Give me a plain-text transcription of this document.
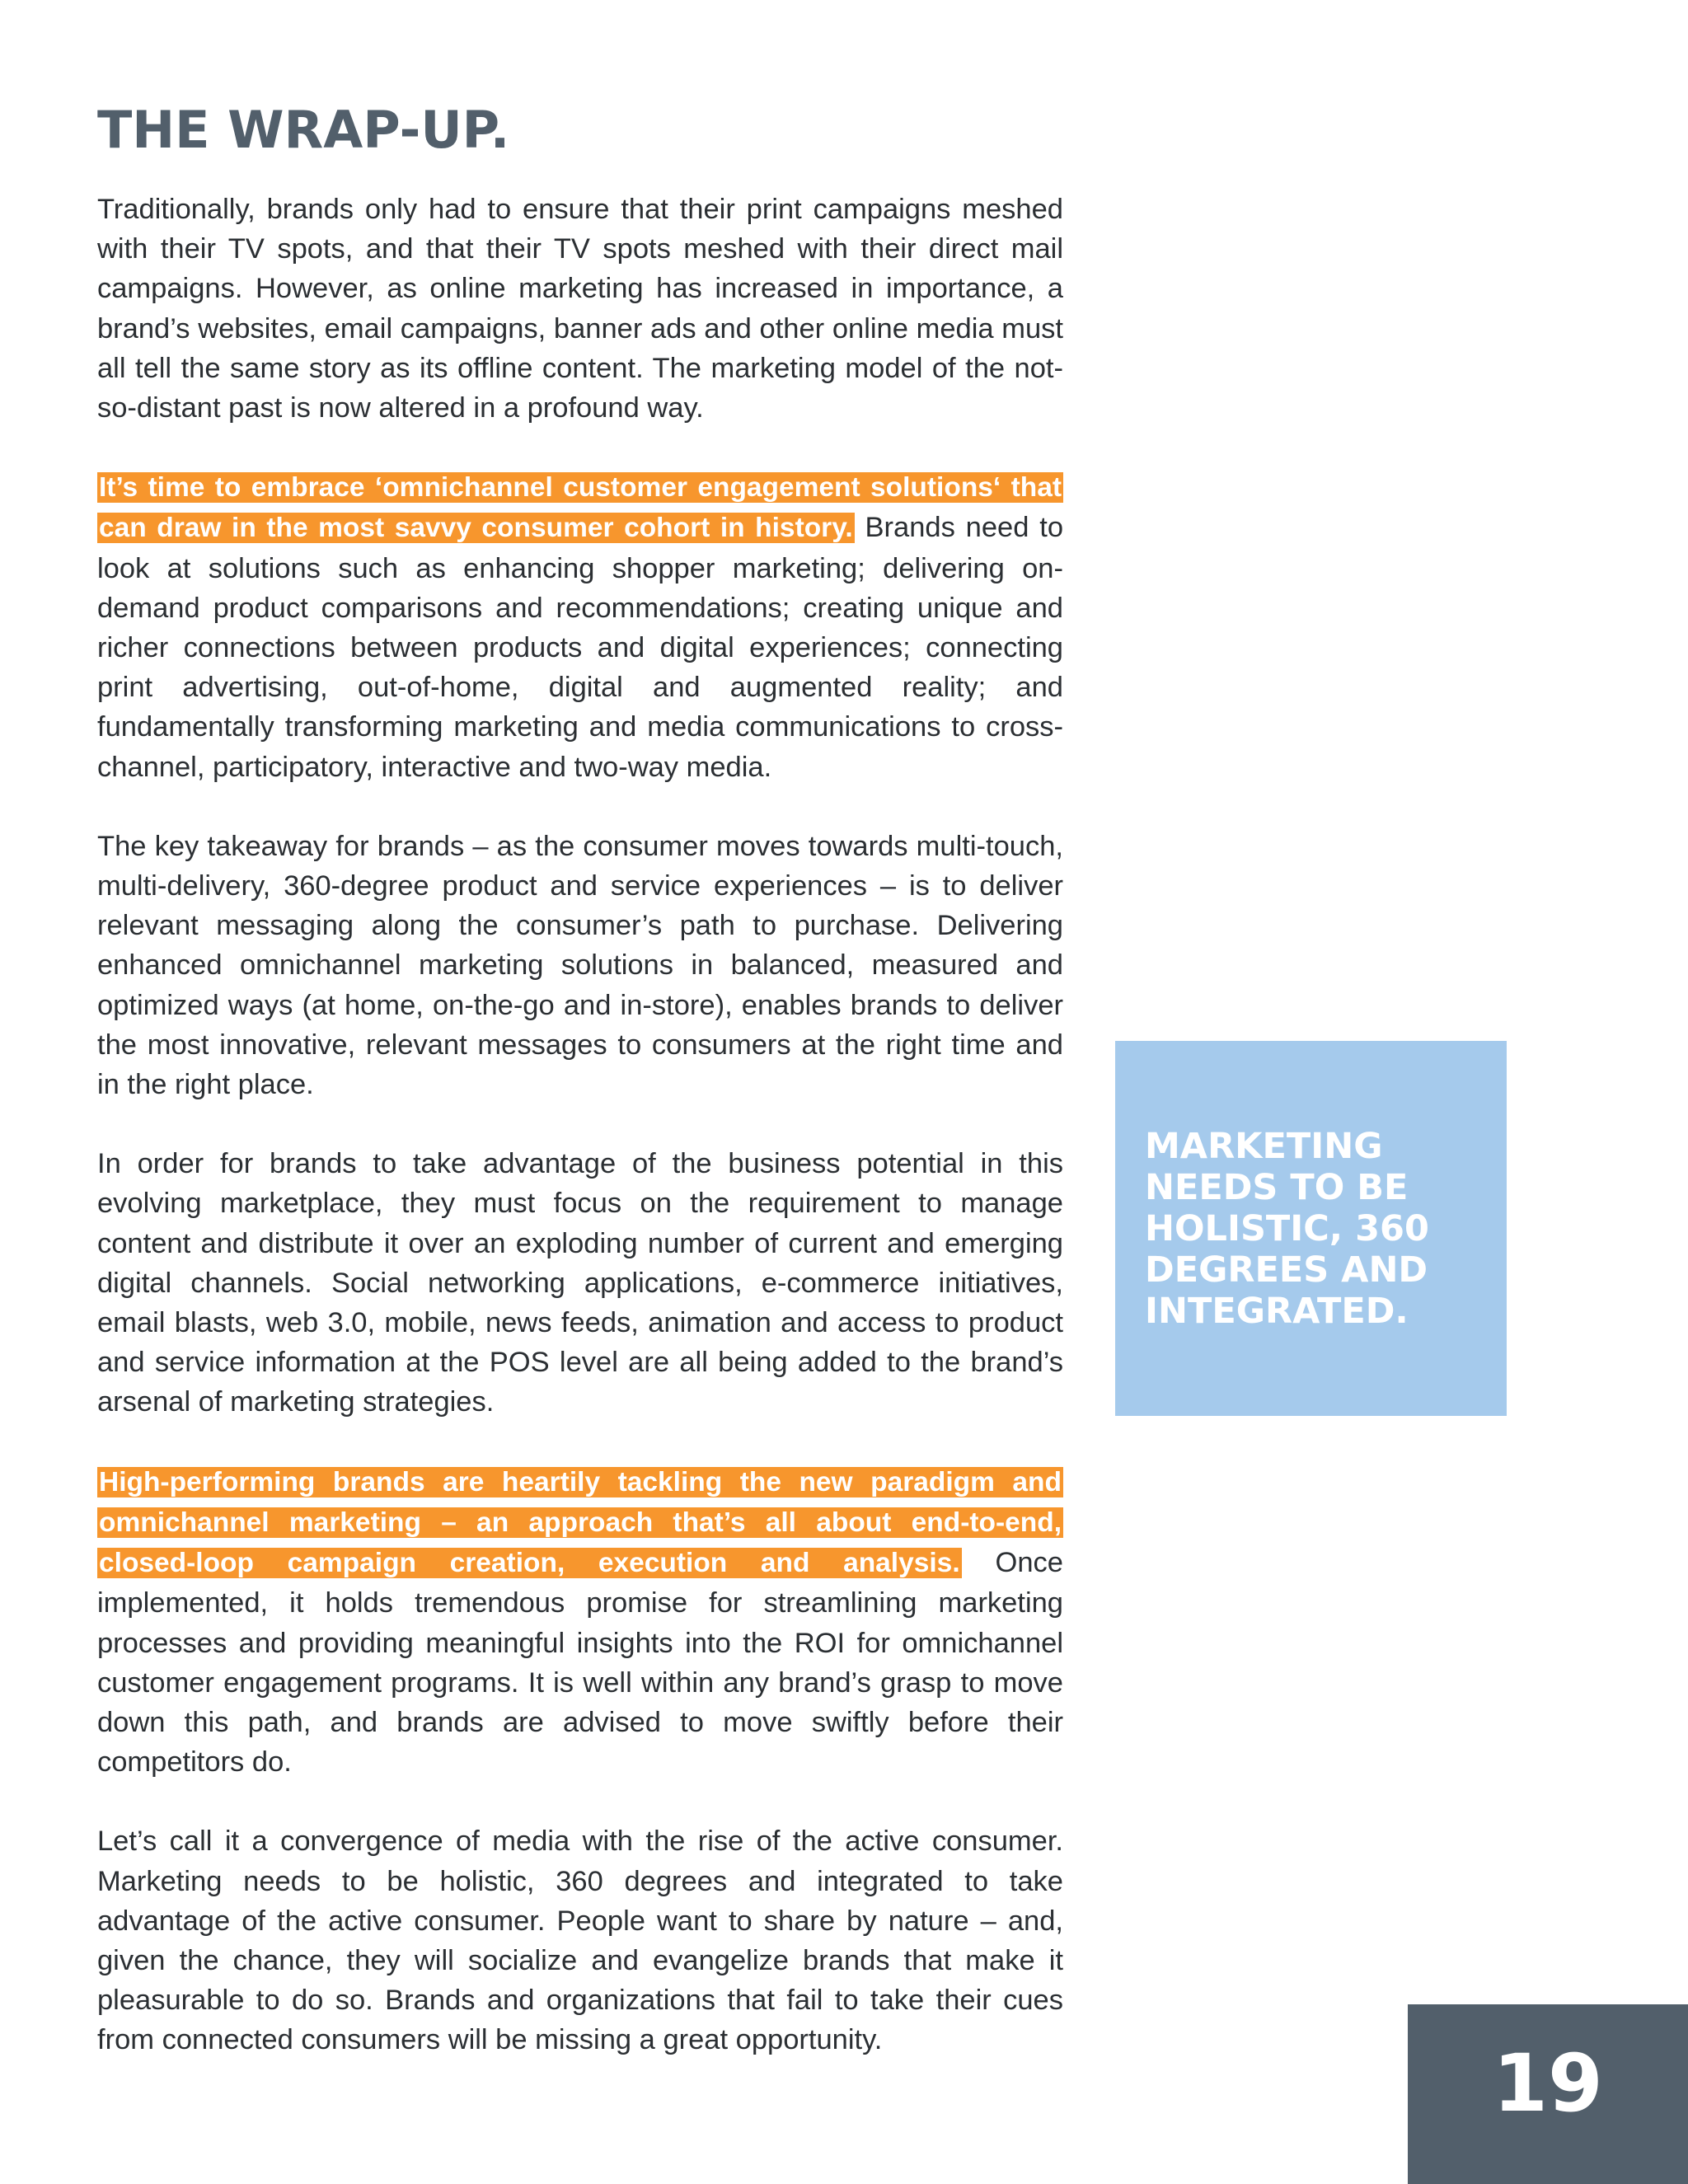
THE WRAP-UP.

Traditionally, brands only had to ensure that their print campaigns meshed with their TV spots, and that their TV spots meshed with their direct mail campaigns. However, as online marketing has increased in importance, a brand’s websites, email campaigns, banner ads and other online media must all tell the same story as its offline content. The marketing model of the not-so-distant past is now altered in a profound way.

It’s time to embrace ‘omnichannel customer engagement solutions‘ that can draw in the most savvy consumer cohort in history. Brands need to look at solutions such as enhancing shopper marketing; delivering on-demand product comparisons and recommendations; creating unique and richer connections between products and digital experiences; connecting print advertising, out-of-home, digital and augmented reality; and fundamentally transforming marketing and media communications to cross-channel, participatory, interactive and two-way media.

The key takeaway for brands – as the consumer moves towards multi-touch, multi-delivery, 360-degree product and service experiences – is to deliver relevant messaging along the consumer’s path to purchase. Delivering enhanced omnichannel marketing solutions in balanced, measured and optimized ways (at home, on-the-go and in-store), enables brands to deliver the most innovative, relevant messages to consumers at the right time and in the right place.

In order for brands to take advantage of the business potential in this evolving marketplace, they must focus on the requirement to manage content and distribute it over an exploding number of current and emerging digital channels. Social networking applications, e-commerce initiatives, email blasts, web 3.0, mobile, news feeds, animation and access to product and service information at the POS level are all being added to the brand’s arsenal of marketing strategies.

High-performing brands are heartily tackling the new paradigm and omnichannel marketing – an approach that’s all about end-to-end, closed-loop campaign creation, execution and analysis. Once implemented, it holds tremendous promise for streamlining marketing processes and providing meaningful insights into the ROI for omnichannel customer engagement programs. It is well within any brand’s grasp to move down this path, and brands are advised to move swiftly before their competitors do.

Let’s call it a convergence of media with the rise of the active consumer. Marketing needs to be holistic, 360 degrees and integrated to take advantage of the active consumer. People want to share by nature – and, given the chance, they will socialize and evangelize brands that make it pleasurable to do so. Brands and organizations that fail to take their cues from connected consumers will be missing a great opportunity.

MARKETING NEEDS TO BE HOLISTIC, 360 DEGREES AND INTEGRATED.

19
